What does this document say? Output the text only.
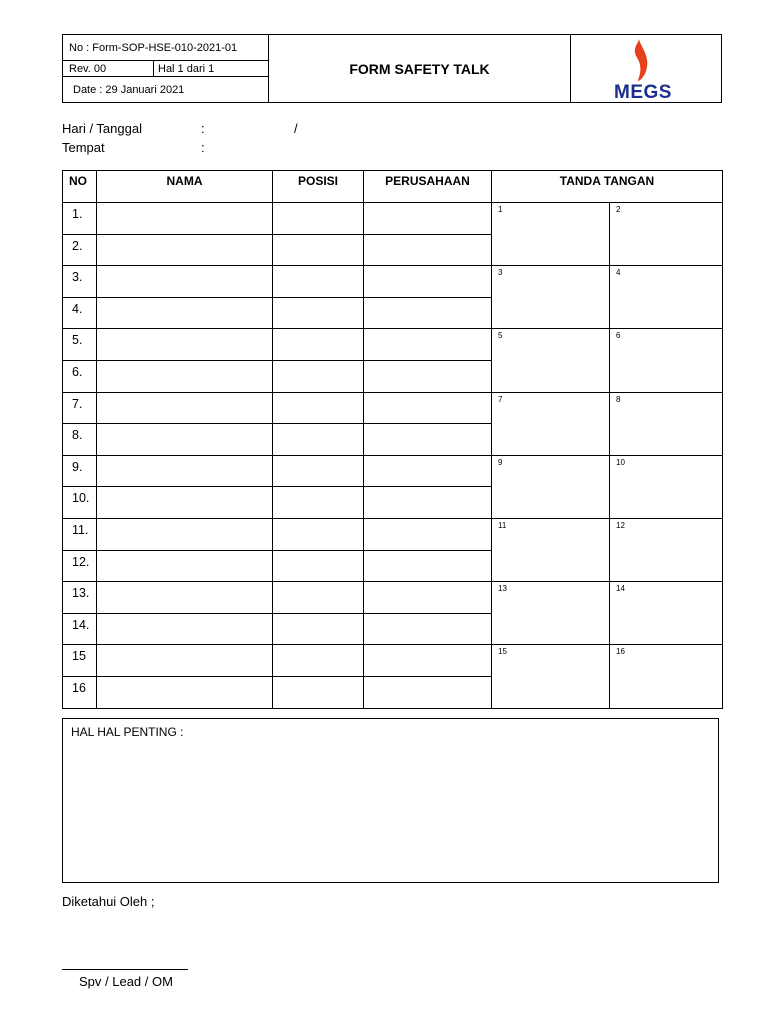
No : Form-SOP-HSE-010-2021-01
Rev. 00	Hal 1 dari 1
Date : 29 Januari 2021
FORM SAFETY TALK
MEGS
Hari / Tanggal	:	/
Tempat	:
NO	NAMA	POSISI	PERUSAHAAN	TANDA TANGAN	
1.				1	2

2.					
3.				3	4

4.					
5.				5	6

6.					
7.				7	8

8.					
9.				9	10

10.					
11.				11	12

12.					
13.				13	14

14.					
15				15	16

16					
HAL HAL PENTING :
Diketahui Oleh ;
Spv / Lead / OM
